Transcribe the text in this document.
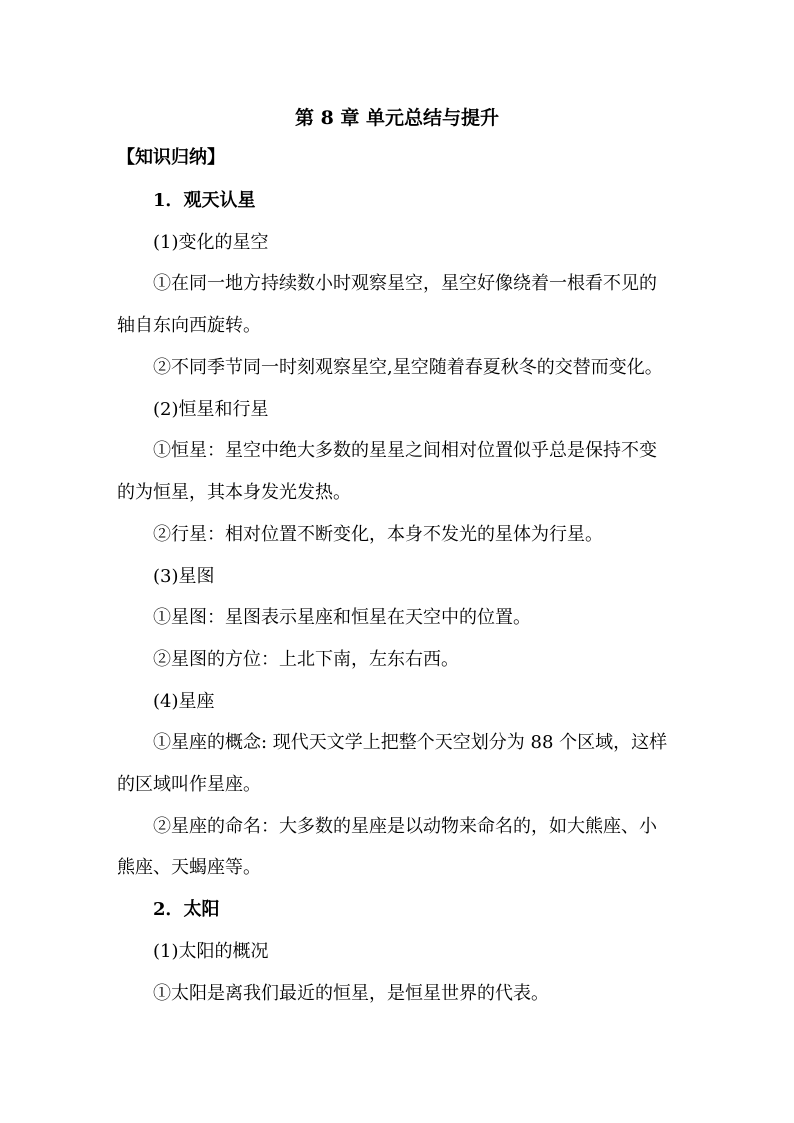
第 8 章 单元总结与提升
【知识归纳】
1．观天认星
(1)变化的星空
①在同一地方持续数小时观察星空，星空好像绕着一根看不见的
轴自东向西旋转。
②不同季节同一时刻观察星空,星空随着春夏秋冬的交替而变化。
(2)恒星和行星
①恒星：星空中绝大多数的星星之间相对位置似乎总是保持不变
的为恒星，其本身发光发热。
②行星：相对位置不断变化，本身不发光的星体为行星。
(3)星图
①星图：星图表示星座和恒星在天空中的位置。
②星图的方位：上北下南，左东右西。
(4)星座
①星座的概念: 现代天文学上把整个天空划分为 88 个区域，这样
的区域叫作星座。
②星座的命名：大多数的星座是以动物来命名的，如大熊座、小
熊座、天蝎座等。
2．太阳
(1)太阳的概况
①太阳是离我们最近的恒星，是恒星世界的代表。
